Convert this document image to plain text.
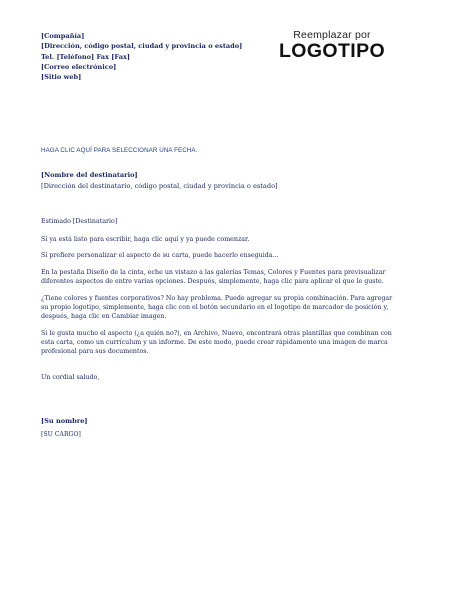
[Compañía]
[Dirección, código postal, ciudad y provincia o estado]
Tel. [Teléfono] Fax [Fax]
[Correo electrónico]
[Sitio web]
Reemplazar por
LOGOTIPO
HAGA CLIC AQUÍ PARA SELECCIONAR UNA FECHA.
[Nombre del destinatario]
[Dirección del destinatario, código postal, ciudad y provincia o estado]

Estimado [Destinatario]

Si ya está listo para escribir, haga clic aquí y ya puede comenzar.

Si prefiere personalizar el aspecto de su carta, puede hacerlo enseguida...

En la pestaña Diseño de la cinta, eche un vistazo a las galerías Temas, Colores y Fuentes para previsualizar diferentes aspectos de entre varias opciones. Después, simplemente, haga clic para aplicar el que le guste.

¿Tiene colores y fuentes corporativos? No hay problema. Puede agregar su propia combinación. Para agregar su propio logotipo, simplemente, haga clic con el botón secundario en el logotipo de marcador de posición y, después, haga clic en Cambiar imagen.

Si le gusta mucho el aspecto (¿a quién no?), en Archivo, Nuevo, encontrará otras plantillas que combinan con esta carta, como un currículum y un informe. De este modo, puede crear rápidamente una imagen de marca profesional para sus documentos.

Un cordial saludo,
[Su nombre]
[SU CARGO]
